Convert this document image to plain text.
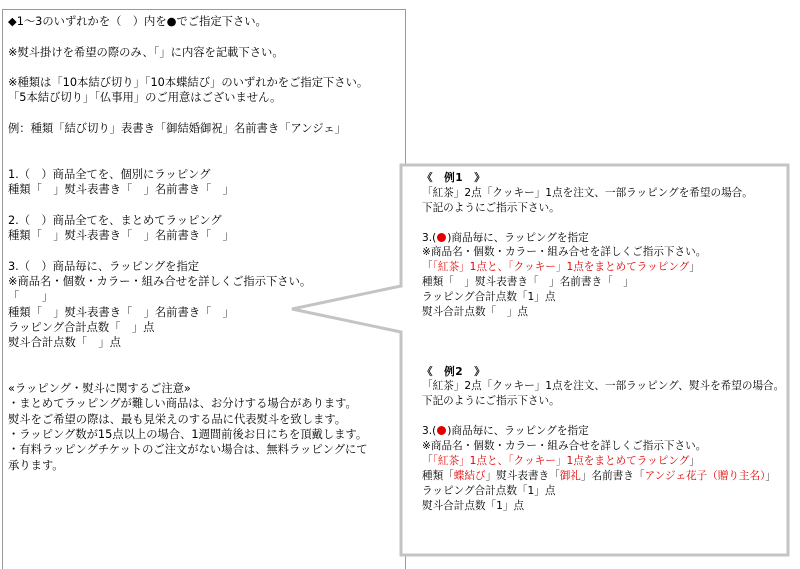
◆1～3のいずれかを（　）内を●でご指定下さい。
※熨斗掛けを希望の際のみ、「」に内容を記載下さい。
※種類は「10本結び切り」「10本蝶結び」のいずれかをご指定下さい。
「5本結び切り」「仏事用」のご用意はございません。
例：種類「結び切り」表書き「御結婚御祝」名前書き「アンジェ」
1.（　）商品全てを、個別にラッピング
種類「　」熨斗表書き「　」名前書き「　」
2.（　）商品全てを、まとめてラッピング
種類「　」熨斗表書き「　」名前書き「　」
3.（　）商品毎に、ラッピングを指定
※商品名・個数・カラー・組み合せを詳しくご指示下さい。
「　　」
種類「　」熨斗表書き「　」名前書き「　」
ラッピング合計点数「　」点
熨斗合計点数「　」点
«ラッピング・熨斗に関するご注意»
・まとめてラッピングが難しい商品は、お分けする場合があります。
熨斗をご希望の際は、最も見栄えのする品に代表熨斗を致します。
・ラッピング数が15点以上の場合、1週間前後お日にちを頂戴します。
・有料ラッピングチケットのご注文がない場合は、無料ラッピングにて
承ります。
《　例1　》
「紅茶」2点「クッキー」1点を注文、一部ラッピングを希望の場合。
下記のようにご指示下さい。
3.( )商品毎に、ラッピングを指定
※商品名・個数・カラー・組み合せを詳しくご指示下さい。
「「紅茶」1点と、「クッキー」1点をまとめてラッピング」
種類「　」熨斗表書き「　」名前書き「　」
ラッピング合計点数「1」点
熨斗合計点数「　」点
《　例2　》
「紅茶」2点「クッキー」1点を注文、一部ラッピング、熨斗を希望の場合。
下記のようにご指示下さい。
3.( )商品毎に、ラッピングを指定
※商品名・個数・カラー・組み合せを詳しくご指示下さい。
「「紅茶」1点と、「クッキー」1点をまとめてラッピング」
種類「蝶結び」熨斗表書き「御礼」名前書き「アンジェ花子（贈り主名）」
ラッピング合計点数「1」点
熨斗合計点数「1」点
